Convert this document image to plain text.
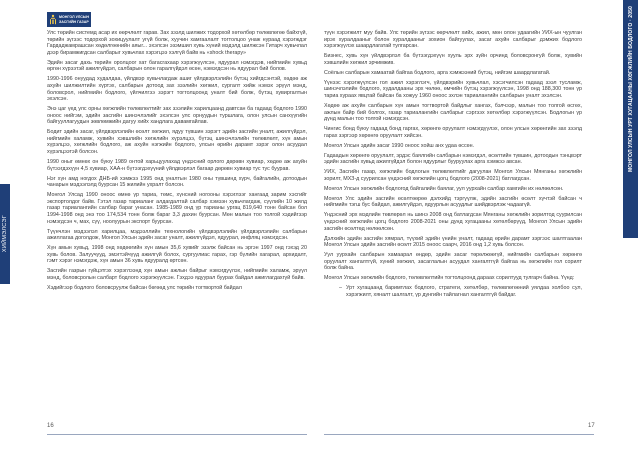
МОНГОЛ УЛСЫН
ЗАСГИЙН ГАЗАР
ХИЙМЭЛСЭГ
МОНГОЛ УЛСЫН УРТ ХУГАЦААНЫ ХӨГЖЛИЙН БОДЛОГО · 2050

Улс төрийн системд асар их өөрчлөлт гарав. Зах зээлд шилжих тодорхой хөтөлбөр төлөвлөгөө байхгүй, төрийн зүгээс тодорхой зохицуулалт угүй болж, хуучин хамгаалалт тогтолцоо унаж нураад хэрэгждэг Гардаджамрашсан хөдөлгөөнийн аяыг... эхэлсэн эзэмшил хувь хүний мэдэлд шилжсэн Гитарч хувьчлал дээр бирамжигдсан салбарыг хувьчлах хэрэгцээ хэлгүй байв нь «shock therapy»

Эдийн засаг дахь төрийн оролцоог хат багасгахаар хэрэгжүүлсэн, ядуурал нэмэгдэв, нийгмийн хувьд өргөн хүрээтэй ажилгүйдэл, салбарын олон гаралгүйдэл өсөн, нэмэгдсэн нь ядуурал бий болов.

1990-1996 онуудад худалдаа, үйлдвэр хувьчлагдаж ашиг үйлдвэрлэлийн бүтэц хийгдсэнтэй, хөдөө аж ахуйн шилжилтийн хүртэх, салбарын дотоод зах зээлийн хөгжил, сургалт хийж нэмэх эрүүл мэнд, боловсрол, нийгмийн бодлого, үйлчилгээ зэрэгт тогтолцоонд уналт бий болж, бүтэц хувиргалтын эхэлсэн.

Энэ цаг үед улс орны хөгжлийн төлөвлөлтийг зах зээлийн харилцаанд давтсан ба гадаад бодлого 1990 оноос нийгэм, эдийн засгийн шинэчлэлийг эхэлсэн улс орнуудын туршлага, олон улсын санхүүгийн байгууллагуудын зөвлөмжийн дагуу хийх хандлага давамгайлав.

Бодит эдийн засаг, үйлдвэрлэлийн өсөлт хөгжил, ядуу түвшин зэрэгт эдийн засгийн уналт, ажилгүйдэл, нийгмийн халамж, хувийн хэвшлийн хөгжлийн хүрэлцээ, бүтэц шинэчлэлийн төлөвлөлт, хүн амын хүрэлцээ, хөгжлийн бодлого, аж ахуйн нэгжийн бодлого, улсын өрийн дарамт зэрэг олон асуудал хүрэлцээтэй болсон.

1990 оныг өмнөх он буюу 1989 онтой харьцуулахад үндэсний орлого дөрөвн хувиар, хөдөө аж ахуйн бүтээгдэхүүн 4,5 хувиар, ХАА-н бүтээгдэхүүний үйлдвэрлэл багаар дөрөвн хувиар тус тус буурав.

Нэг хүн амд ногдох ДНБ-ий хэмжээ 1995 онд уналтын 1980 оны түвшинд хүрч, байгалийн, дотоодын чанарын мэдээлэлд буурсан 15 жилийн ухралт болсон.

Монгол Улсад 1990 оноос өмнө үр тариа, төмс, хүнсний ногооны хэрэглээг хангаад зарим хэсгийг экспортолдог байв. Гэтэл газар тариаланг алдагдалтай салбар хэмээн хувьчлагдаж, сүүлийн 10 жилд газар тариалангийн салбар бараг унасан. 1985-1989 онд үр тарианы ургац 819,640 тонн байсан бол 1994-1998 онд энэ тоо 174,534 тонн болж бараг 3,3 дахин буурсан. Мөн малын тоо толгой хэдийгээр нэмэгдсэн ч, мах, сүү, ноолуурын экспорт буурсан.

Түүнчлэн мэдээлэл харилцаа, мэдээллийн технологийн үйлдвэрлэлийн үйлдвэрлэлийн салбарын ажиллагаа доголдож, Монгол Улсын эдийн засаг уналт, ажилгүйдэл, ядуурал, инфляц нэмэгдсэн.

Хүн амын хувьд, 1998 онд хөдөөгийн хүн амын 35,6 хувийг эзэлж байсан нь эргэн 1997 онд гэхэд 20 хувь болов. Залуучууд, эмэгтэйчүүд ажилгүй болох, сургуулиас гарах, гэр бүлийн хагарал, архидалт, гэмт хэрэг нэмэгдэж, хүн амын 36 хувь ядууралд өртсөн.

Засгийн газрын гүйцэтгэх хэрэглээнд хүн амын ажлын байрыг нэмэгдүүлэх, нийгмийн халамж, эрүүл мэнд, боловсролын салбарт бодлого хэрэгжүүлсэн. Гэхдээ ядуурал буурах байдал ажиглагдахгүй байв.

Хэдийгээр бодлого боловсруулж байсан бөгөөд улс төрийн тогтвортой байдал

түүн хэрэгжилт муу байв. Улс төрийн зүгээс өөрчлөлт хийх, ажил, мөн олон удаагийн УИХ-ын чуулган ирэх хуралдааныг болон хуралдааныг зохион байгуулах, засаг ахуйн салбарыг дэмжих бодлого хэрэгжүүлэх шаардлагатай тулгарсан.

Бизнес, хувь хүн үйлдвэрлэл ба бүтээгдэхүүн хууль эрх зүйн орчинд боловсронгуй болж, хувийн хэвшлийн хөгжил эрчимжив.

Соёлын салбарын хамаатай байгаа бодлого, арга хэмжээний бүтэц, нийгэм шаардлагатай.

Үүнээс хэрэгжүүлсэн гол ажил хэрэглэгч, үйлдвэрийн хувьчлал, хэсэгчилсэн гадаад зээл тусламж, шинэчлэлийн бодлого, худалдааны эрх чөлөө, өмчийн бүтэц хэрэгжүүлсэн, 1998 онд 188,300 тонн үр тариа хураах явцтай байсан ба хожуу 1960 оноос эхлэн тариалангийн салбарын уналт эхэлсэн.

Хөдөө аж ахуйн салбарын хүн амын тогтвортой байдлыг хангах, бэлчээр, малын тоо толгой өсгөх, ажлын байр бий болгох, газар тариалангийн салбарыг сэргээх хөтөлбөр хэрэгжүүлсэн. Бодлогын үр дүнд малын тоо толгой нэмэгдсэн.

Чингис бонд буюу гадаад бонд гаргах, хөрөнгө оруулалт нэмэгдүүлэх, олон улсын хөрөнгийн зах зээлд гарах зэргээр хөрөнгө оруулалт хийсэн.

Монгол Улсын эдийн засаг 1990 оноос хойш анх удаа өссөн.

Гадаадын хөрөнгө оруулалт, эрдэс баялгийн салбарын нэмэгдэл, өсөлтийн түвшин, дотоодын тэнцвэрт эдийн засгийн хувьд ажилгүйдэл болон ядуурлыг бууруулах арга хэмжээ авсан.

УИХ, Засгийн газар, хөгжлийн бодлогын төлөвлөлтийг дагуулан Монгол Улсын Мянганы хөгжлийн зорилт, МХЗ-д суурилсан үндэсний хөгжлийн цогц бодлого (2008-2021) батлагдсан.

Монгол Улсын хөгжлийн бодлогод байгалийн баялаг, уул уурхайн салбар хамгийн их нөлөөлсөн.

Монгол Улс эдийн засгийн өсөлтөөрөө дэлхийд тэргүүлж, эдийн засгийн өсөлт хүчтэй байсан ч нийгмийн тэгш бус байдал, ажилгүйдэл, ядуурлын асуудлыг шийдвэрлэж чадаагүй.

Үндэсний эрх мэдлийн төвлөрөл нь шинэ 2008 онд батлагдсан Мянганы хөгжлийн зорилтод суурилсан үндэсний хөгжлийн цогц бодлого 2008-2021 оны дунд хугацааны хөтөлбөрүүд, Монгол Улсын эдийн засгийн өсөлтөд нөлөөлсөн.

Дэлхийн эдийн засгийн хямрал, түүхий эдийн үнийн уналт, гадаад өрийн дарамт зэргээс шалтгаалан Монгол Улсын эдийн засгийн өсөлт 2015 оноос саарч, 2016 онд 1,2 хувь болсон.

Уул уурхайн салбарын хамаарал өндөр, эдийн засаг төрөлжөөгүй, нийгмийн салбарын хөрөнгө оруулалт хангалтгүй, хүний хөгжил, засаглалын асуудал хангалтгүй байгаа нь хөгжлийн гол сорилт болж байна.

Монгол Улсын хөгжлийн бодлого, төлөвлөлтийн тогтолцоонд дараах сорилтууд тулгарч байна. Үүнд:

– Урт хугацаанд баримтлах бодлого, стратеги, хөтөлбөр, төлөвлөгөөний уялдаа холбоо сул, хэрэгжилт, хяналт шалгалт, үр дүнгийн тайлагнал хангалтгүй байдаг.
16	17
